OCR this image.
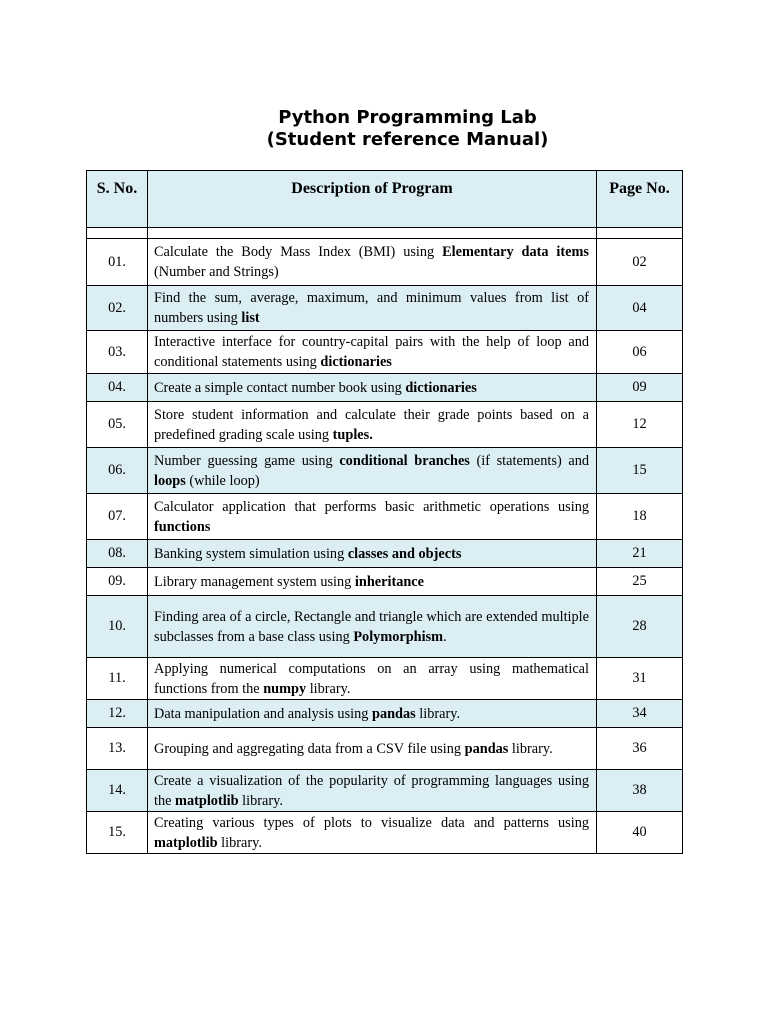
Python Programming Lab
(Student reference Manual)
S. No.	Description of Program	Page No.

01.	Calculate the Body Mass Index (BMI) using Elementary data items (Number and Strings)	02
02.	Find the sum, average, maximum, and minimum values from list of numbers using list	04
03.	Interactive interface for country-capital pairs with the help of loop and conditional statements using dictionaries	06
04.	Create a simple contact number book using dictionaries	09
05.	Store student information and calculate their grade points based on a predefined grading scale using tuples.	12
06.	Number guessing game using conditional branches (if statements) and loops (while loop)	15
07.	Calculator application that performs basic arithmetic operations using functions	18
08.	Banking system simulation using classes and objects	21
09.	Library management system using inheritance	25
10.	Finding area of a circle, Rectangle and triangle which are extended multiple subclasses from a base class using Polymorphism.	28
11.	Applying numerical computations on an array using mathematical functions from the numpy library.	31
12.	Data manipulation and analysis using pandas library.	34
13.	Grouping and aggregating data from a CSV file using pandas library.	36
14.	Create a visualization of the popularity of programming languages using the matplotlib library.	38
15.	Creating various types of plots to visualize data and patterns using matplotlib library.	40
